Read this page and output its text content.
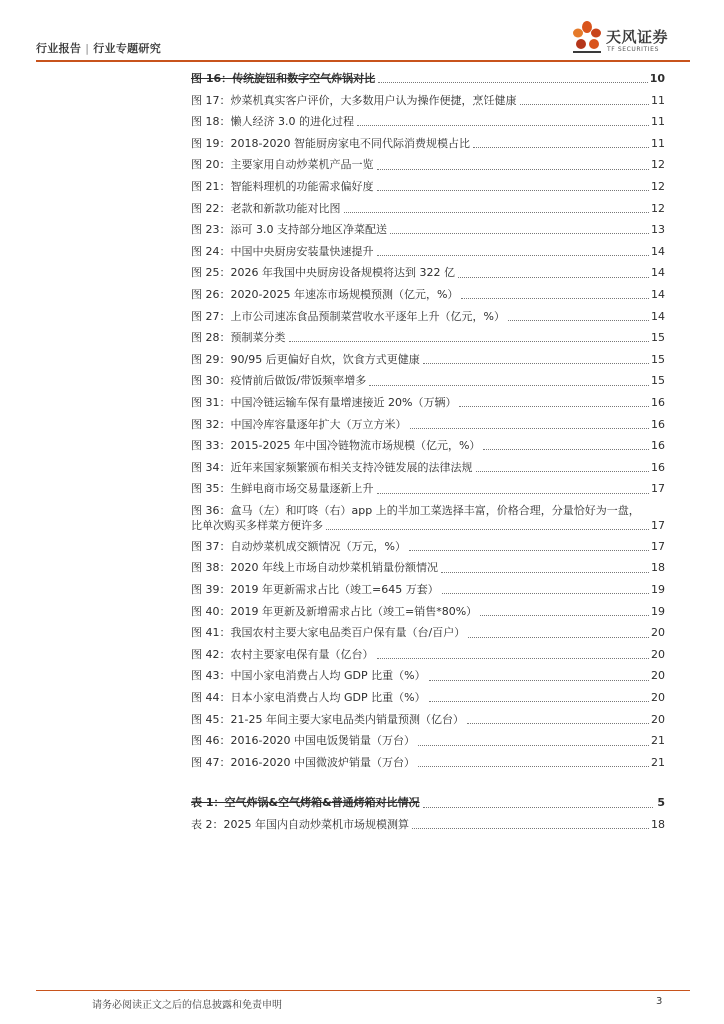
行业报告 | 行业专题研究
天风证券
TF SECURITIES
图 16：传统旋钮和数字空气炸锅对比	10
图 17：炒菜机真实客户评价，大多数用户认为操作便捷，烹饪健康	11
图 18：懒人经济 3.0 的进化过程	11
图 19：2018-2020 智能厨房家电不同代际消费规模占比	11
图 20：主要家用自动炒菜机产品一览	12
图 21：智能料理机的功能需求偏好度	12
图 22：老款和新款功能对比图	12
图 23：添可 3.0 支持部分地区净菜配送	13
图 24：中国中央厨房安装量快速提升	14
图 25：2026 年我国中央厨房设备规模将达到 322 亿	14
图 26：2020-2025 年速冻市场规模预测（亿元，%）	14
图 27：上市公司速冻食品预制菜营收水平逐年上升（亿元，%）	14
图 28：预制菜分类	15
图 29：90/95 后更偏好自炊，饮食方式更健康	15
图 30：疫情前后做饭/带饭频率增多	15
图 31：中国冷链运输车保有量增速接近 20%（万辆）	16
图 32：中国冷库容量逐年扩大（万立方米）	16
图 33：2015-2025 年中国冷链物流市场规模（亿元，%）	16
图 34：近年来国家频繁颁布相关支持冷链发展的法律法规	16
图 35：生鲜电商市场交易量逐新上升	17
图 36：盒马（左）和叮咚（右）app 上的半加工菜选择丰富，价格合理，分量恰好为一盘，
比单次购买多样菜方便许多	17
图 37：自动炒菜机成交额情况（万元，%）	17
图 38：2020 年线上市场自动炒菜机销量份额情况	18
图 39：2019 年更新需求占比（竣工=645 万套）	19
图 40：2019 年更新及新增需求占比（竣工=销售*80%）	19
图 41：我国农村主要大家电品类百户保有量（台/百户）	20
图 42：农村主要家电保有量（亿台）	20
图 43：中国小家电消费占人均 GDP 比重（%）	20
图 44：日本小家电消费占人均 GDP 比重（%）	20
图 45：21-25 年间主要大家电品类内销量预测（亿台）	20
图 46：2016-2020 中国电饭煲销量（万台）	21
图 47：2016-2020 中国微波炉销量（万台）	21
表 1：空气炸锅&空气烤箱&普通烤箱对比情况	5
表 2：2025 年国内自动炒菜机市场规模测算	18
请务必阅读正文之后的信息披露和免责申明	3
